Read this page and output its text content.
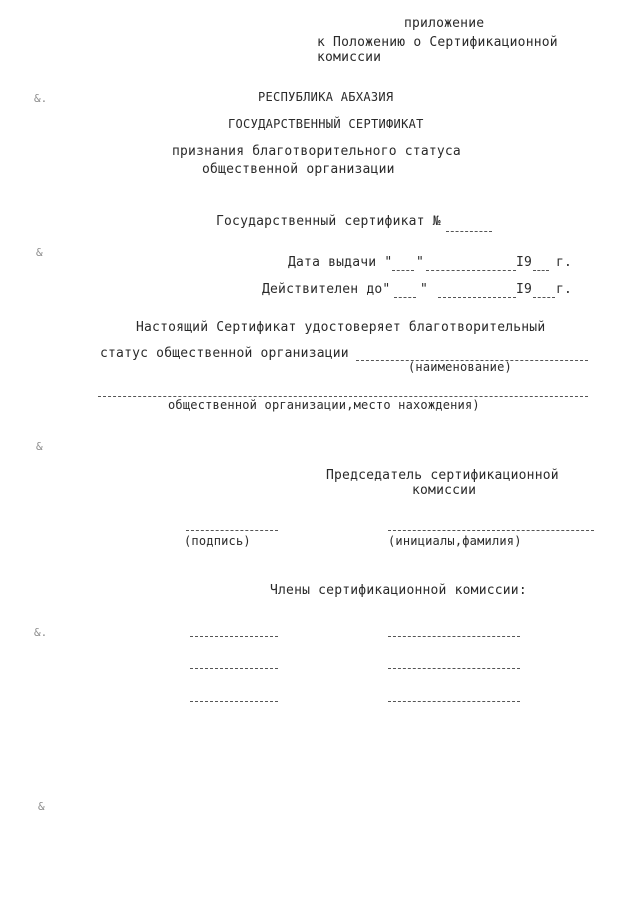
&.
&
&
&.
&
приложение
к Положению о Сертификационной
комиссии
РЕСПУБЛИКА АБХАЗИЯ
ГОСУДАРСТВЕННЫЙ СЕРТИФИКАТ
признания благотворительного статуса
общественной организации
Государственный сертификат №
Дата выдачи " "	I9 г.
Действителен до" "	I9 г.
Настоящий Сертификат удостоверяет благотворительный
статус общественной организации
(наименование)
общественной организации,место нахождения)
Председатель сертификационной
комиссии
(подпись)	(инициалы,фамилия)
Члены сертификационной комиссии:
